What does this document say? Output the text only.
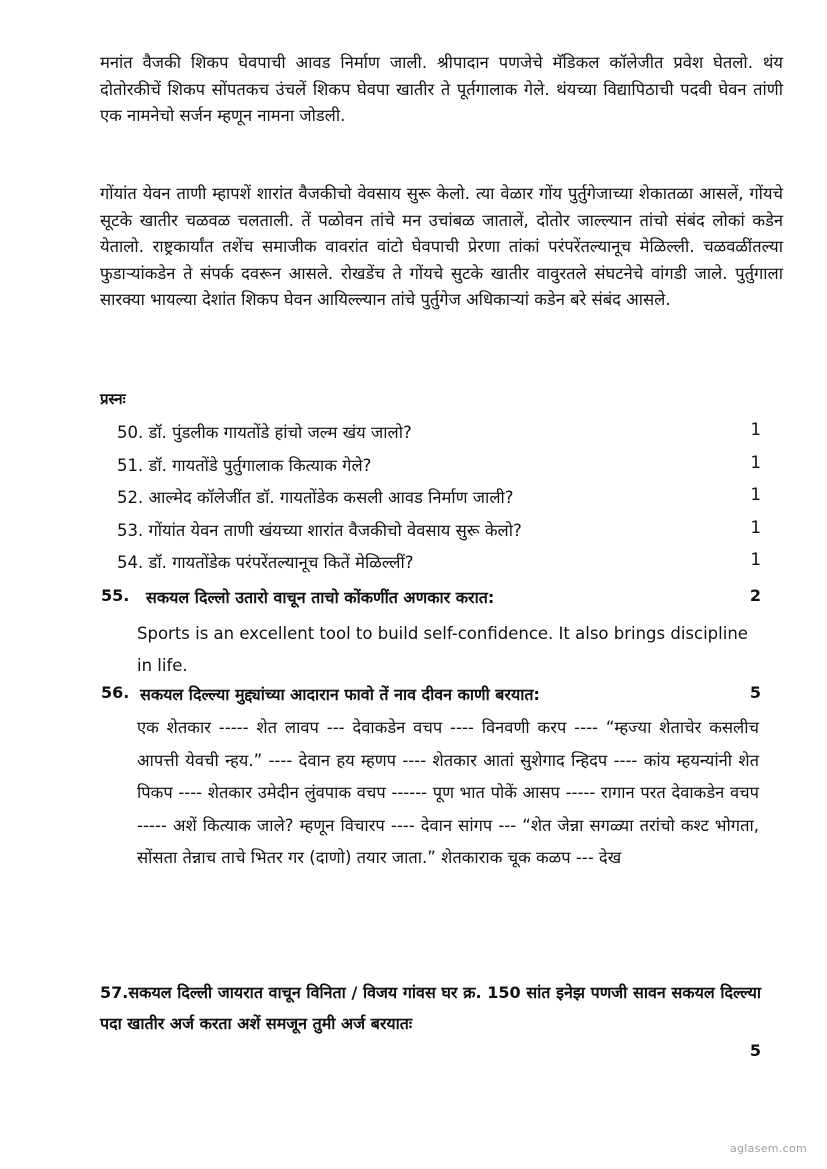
मनांत वैजकी शिकप घेवपाची आवड निर्माण जाली. श्रीपादान पणजेचे मॅडिकल कॉलेजीत प्रवेश घेतलो. थंय दोतोरकीचें शिकप सोंपतकच उंचलें शिकप घेवपा खातीर ते पूर्तगालाक गेले. थंयच्या विद्यापिठाची पदवी घेवन तांणी एक नामनेचो सर्जन म्हणून नामना जोडली.

गोंयांत येवन ताणी म्हापशें शारांत वैजकीचो वेवसाय सुरू केलो. त्या वेळार गोंय पुर्तुगेजाच्या शेकातळा आसलें, गोंयचे सूटके खातीर चळवळ चलताली. तें पळोवन तांचे मन उचांबळ जातालें, दोतोर जाल्ल्यान तांचो संबंद लोकां कडेन येतालो. राष्ट्रकार्यांत तशेंच समाजीक वावरांत वांटो घेवपाची प्रेरणा तांकां परंपरेंतल्यानूच मेळिल्ली. चळवळींतल्या फुडाऱ्यांकडेन ते संपर्क दवरून आसले. रोखडेंच ते गोंयचे सुटके खातीर वावुरतले संघटनेचे वांगडी जाले. पुर्तुगाला सारक्या भायल्या देशांत शिकप घेवन आयिल्ल्यान तांचे पुर्तुगेज अधिकाऱ्यां कडेन बरे संबंद आसले.

प्रस्नः

50. डॉ. पुंडलीक गायतोंडे हांचो जल्म खंय जालो?	1
51. डॉ. गायतोंडे पुर्तुगालाक कित्याक गेले?	1
52. आल्मेद कॉलेजींत डॉ. गायतोंडेक कसली आवड निर्माण जाली?	1
53. गोंयांत येवन ताणी खंयच्या शारांत वैजकीचो वेवसाय सुरू केलो?	1
54. डॉ. गायतोंडेक परंपरेंतल्यानूच कितें मेळिल्लीं?	1
55. सकयल दिल्लो उतारो वाचून ताचो कोंकणींत अणकार करात:	2

Sports is an excellent tool to build self-confidence. It also brings discipline in life.

56. सकयल दिल्ल्या मुद्द्यांच्या आदारान फावो तें नाव दीवन काणी बरयात:	5

एक शेतकार ----- शेत लावप --- देवाकडेन वचप ---- विनवणी करप ---- “म्हज्या शेताचेर कसलीच आपत्ती येवची न्हय.” ---- देवान हय म्हणप ---- शेतकार आतां सुशेगाद न्हिदप ---- कांय म्हयन्यांनी शेत पिकप ---- शेतकार उमेदीन लुंवपाक वचप ------ पूण भात पोकें आसप ----- रागान परत देवाकडेन वचप ----- अशें कित्याक जाले? म्हणून विचारप ---- देवान सांगप --- “शेत जेन्ना सगळ्या तरांचो कश्ट भोगता, सोंसता तेन्नाच ताचे भितर गर (दाणो) तयार जाता.” शेतकाराक चूक कळप --- देख

57.सकयल दिल्ली जायरात वाचून विनिता / विजय गांवस घर क्र. 150 सांत इनेझ पणजी सावन सकयल दिल्ल्या पदा खातीर अर्ज करता अशें समजून तुमी अर्ज बरयातः

5
aglasem.com
